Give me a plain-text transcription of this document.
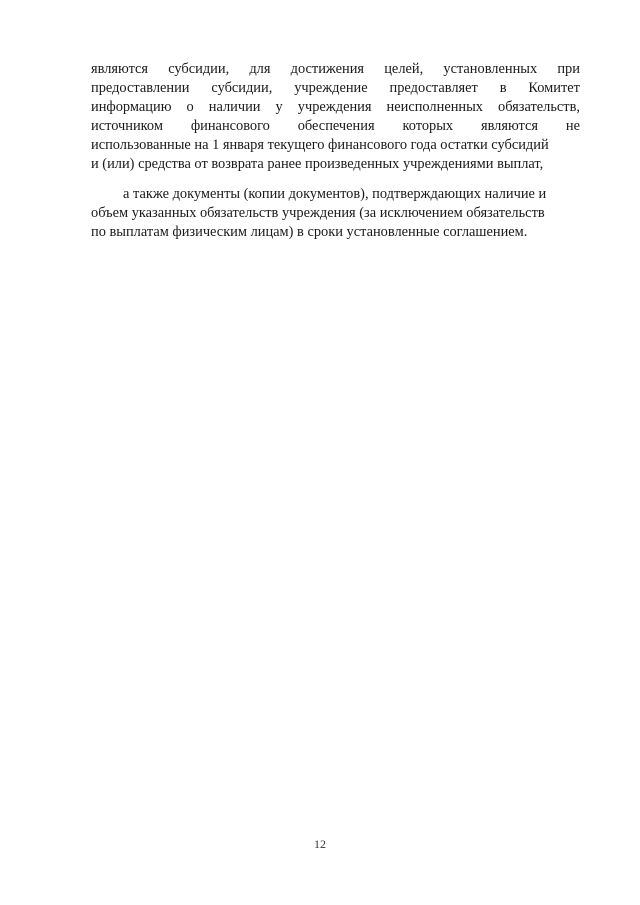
являются субсидии, для достижения целей, установленных при
предоставлении субсидии, учреждение предоставляет в Комитет
информацию о наличии у учреждения неисполненных обязательств,
источником финансового обеспечения которых являются не
использованные на 1 января текущего финансового года остатки субсидий
и (или) средства от возврата ранее произведенных учреждениями выплат,
а также документы (копии документов), подтверждающих наличие и
объем указанных обязательств учреждения (за исключением обязательств
по выплатам физическим лицам) в сроки установленные соглашением.
12
